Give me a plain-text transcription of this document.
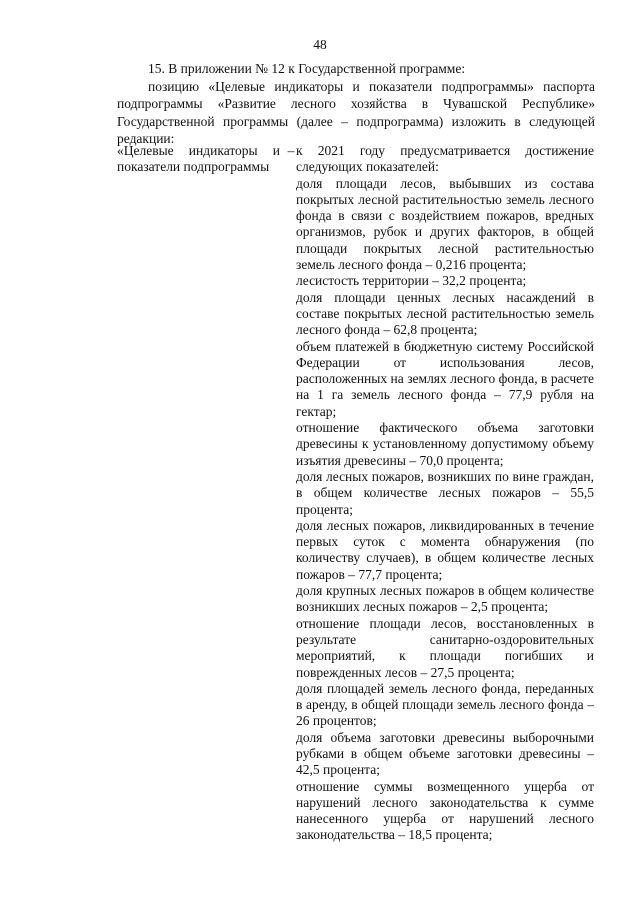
48

15. В приложении № 12 к Государственной программе:

позицию «Целевые индикаторы и показатели подпрограммы» паспорта подпрограммы «Развитие лесного хозяйства в Чувашской Республике» Государственной программы (далее – подпрограмма) изложить в следующей редакции:

«Целевые индикаторы и показатели подпрограммы
– к 2021 году предусматривается достижение следующих показателей:

доля площади лесов, выбывших из состава покрытых лесной растительностью земель лесного фонда в связи с воздействием пожаров, вредных организмов, рубок и других факторов, в общей площади покрытых лесной растительностью земель лесного фонда – 0,216 процента;

лесистость территории – 32,2 процента;

доля площади ценных лесных насаждений в составе покрытых лесной растительностью земель лесного фонда – 62,8 процента;

объем платежей в бюджетную систему Российской Федерации от использования лесов, расположенных на землях лесного фонда, в расчете на 1 га земель лесного фонда – 77,9 рубля на гектар;

отношение фактического объема заготовки древесины к установленному допустимому объему изъятия древесины – 70,0 процента;

доля лесных пожаров, возникших по вине граждан, в общем количестве лесных пожаров – 55,5 процента;

доля лесных пожаров, ликвидированных в течение первых суток с момента обнаружения (по количеству случаев), в общем количестве лесных пожаров – 77,7 процента;

доля крупных лесных пожаров в общем количестве возникших лесных пожаров – 2,5 процента;

отношение площади лесов, восстановленных в результате санитарно-оздоровительных мероприятий, к площади погибших и поврежденных лесов – 27,5 процента;

доля площадей земель лесного фонда, переданных в аренду, в общей площади земель лесного фонда – 26 процентов;

доля объема заготовки древесины выборочными рубками в общем объеме заготовки древесины – 42,5 процента;

отношение суммы возмещенного ущерба от нарушений лесного законодательства к сумме нанесенного ущерба от нарушений лесного законодательства – 18,5 процента;
